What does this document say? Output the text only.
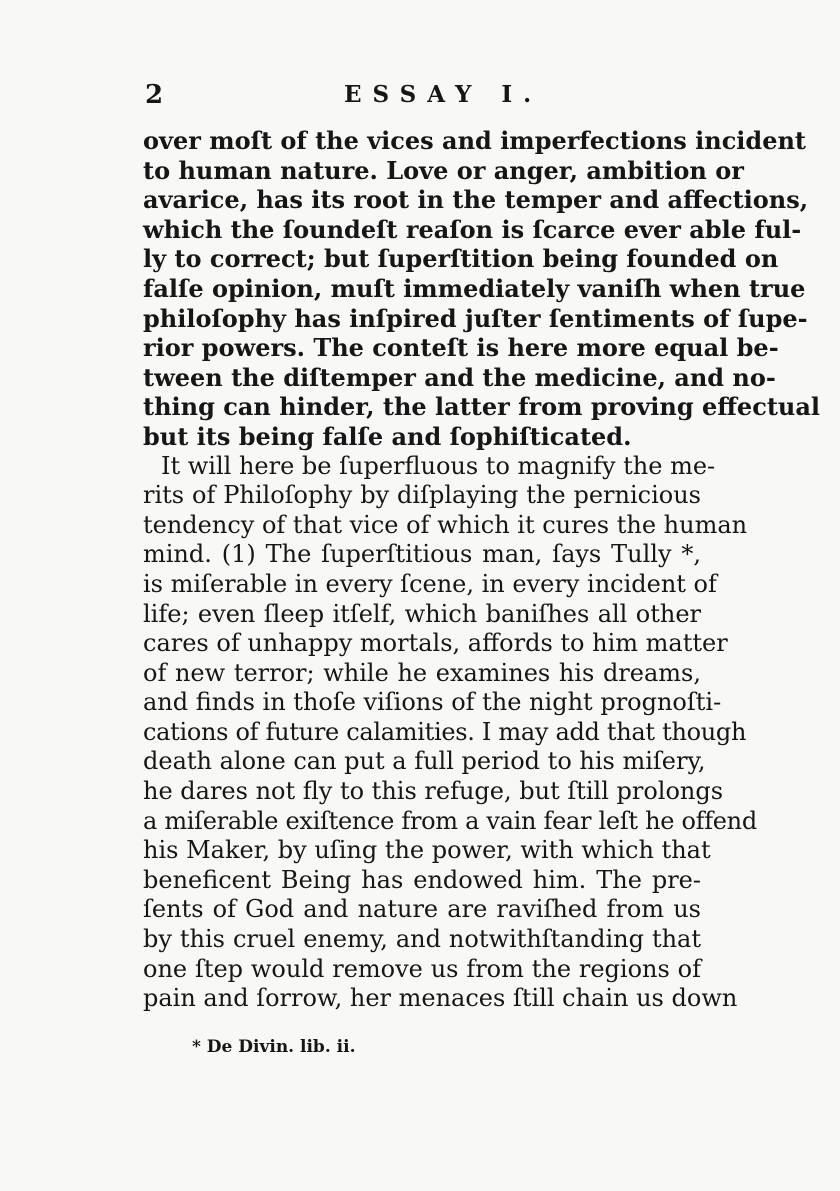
2	ESSAY I.
over moſt of the vices and imperfections incident
to human nature. Love or anger, ambition or
avarice, has its root in the temper and affections,
which the ſoundeſt reaſon is ſcarce ever able ful-
ly to correct; but ſuperſtition being founded on
falſe opinion, muſt immediately vaniſh when true
philoſophy has inſpired juſter ſentiments of ſupe-
rior powers. The conteſt is here more equal be-
tween the diſtemper and the medicine, and no-
thing can hinder, the latter from proving effectual
but its being falſe and ſophiſticated.
It will here be ſuperfluous to magnify the me-
rits of Philoſophy by diſplaying the pernicious
tendency of that vice of which it cures the human
mind. (1) The ſuperſtitious man, ſays Tully *,
is miſerable in every ſcene, in every incident of
life; even ſleep itſelf, which baniſhes all other
cares of unhappy mortals, affords to him matter
of new terror; while he examines his dreams,
and finds in thoſe viſions of the night prognoſti-
cations of future calamities. I may add that though
death alone can put a full period to his miſery,
he dares not fly to this refuge, but ſtill prolongs
a miſerable exiſtence from a vain fear leſt he offend
his Maker, by uſing the power, with which that
beneficent Being has endowed him. The pre-
ſents of God and nature are raviſhed from us
by this cruel enemy, and notwithſtanding that
one ſtep would remove us from the regions of
pain and ſorrow, her menaces ſtill chain us down
* De Divin. lib. ii.
